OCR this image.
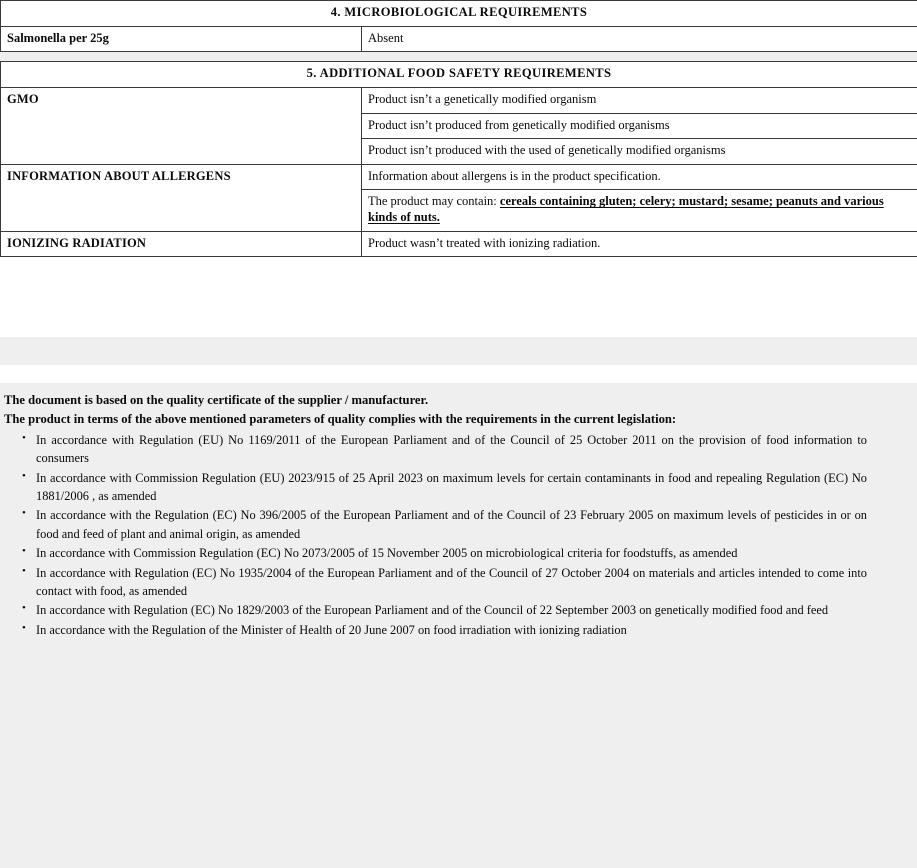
4. MICROBIOLOGICAL REQUIREMENTS
Salmonella per 25g	Absent
5. ADDITIONAL FOOD SAFETY REQUIREMENTS	
GMO	Product isn’t a genetically modified organism
	Product isn’t produced from genetically modified organisms
	Product isn’t produced with the used of genetically modified organisms
INFORMATION ABOUT ALLERGENS	Information about allergens is in the product specification.
	The product may contain: cereals containing gluten; celery; mustard; sesame; peanuts and various kinds of nuts.
IONIZING RADIATION	Product wasn’t treated with ionizing radiation.

The document is based on the quality certificate of the supplier / manufacturer.

The product in terms of the above mentioned parameters of quality complies with the requirements in the current legislation:

• In accordance with Regulation (EU) No 1169/2011 of the European Parliament and of the Council of 25 October 2011 on the provision of food information to consumers
• In accordance with Commission Regulation (EU) 2023/915 of 25 April 2023 on maximum levels for certain contaminants in food and repealing Regulation (EC) No 1881/2006 , as amended
• In accordance with the Regulation (EC) No 396/2005 of the European Parliament and of the Council of 23 February 2005 on maximum levels of pesticides in or on food and feed of plant and animal origin, as amended
• In accordance with Commission Regulation (EC) No 2073/2005 of 15 November 2005 on microbiological criteria for foodstuffs, as amended
• In accordance with Regulation (EC) No 1935/2004 of the European Parliament and of the Council of 27 October 2004 on materials and articles intended to come into contact with food, as amended
• In accordance with Regulation (EC) No 1829/2003 of the European Parliament and of the Council of 22 September 2003 on genetically modified food and feed
• In accordance with the Regulation of the Minister of Health of 20 June 2007 on food irradiation with ionizing radiation
